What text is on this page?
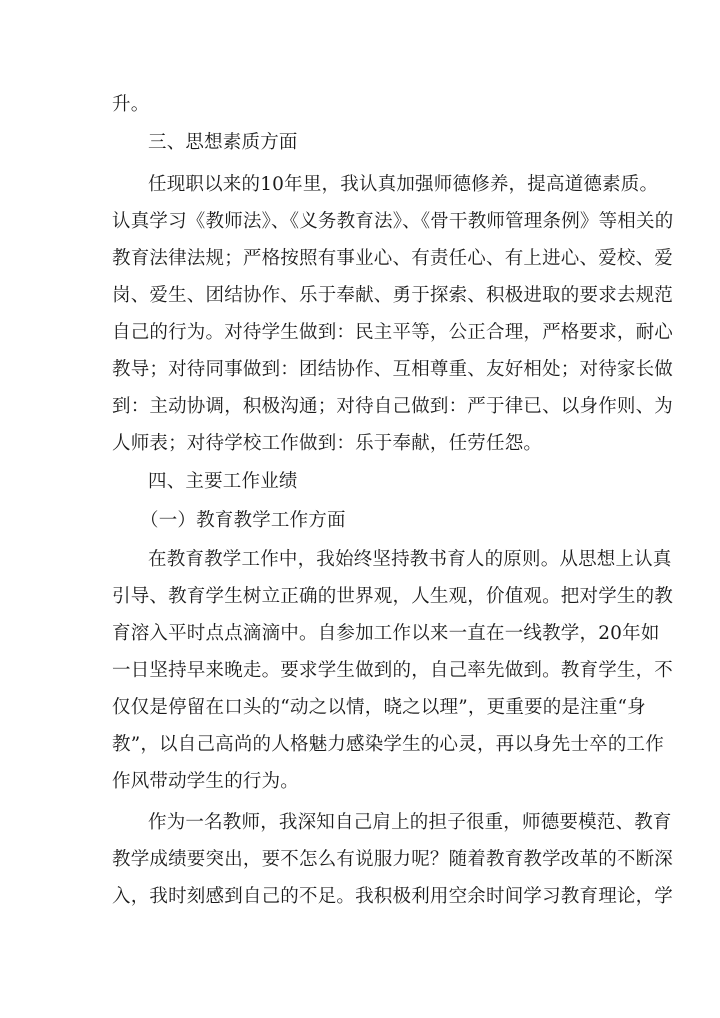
升。
三、思想素质方面
任现职以来的10年里，我认真加强师德修养，提高道德素质。
认真学习《教师法》、《义务教育法》、《骨干教师管理条例》等相关的
教育法律法规；严格按照有事业心、有责任心、有上进心、爱校、爱
岗、爱生、团结协作、乐于奉献、勇于探索、积极进取的要求去规范
自己的行为。对待学生做到：民主平等，公正合理，严格要求，耐心
教导；对待同事做到：团结协作、互相尊重、友好相处；对待家长做
到：主动协调，积极沟通；对待自己做到：严于律已、以身作则、为
人师表；对待学校工作做到：乐于奉献，任劳任怨。
四、主要工作业绩
（一）教育教学工作方面
在教育教学工作中，我始终坚持教书育人的原则。从思想上认真
引导、教育学生树立正确的世界观，人生观，价值观。把对学生的教
育溶入平时点点滴滴中。自参加工作以来一直在一线教学，20年如
一日坚持早来晚走。要求学生做到的，自己率先做到。教育学生，不
仅仅是停留在口头的“动之以情，晓之以理”，更重要的是注重“身
教”，以自己高尚的人格魅力感染学生的心灵，再以身先士卒的工作
作风带动学生的行为。
作为一名教师，我深知自己肩上的担子很重，师德要模范、教育
教学成绩要突出，要不怎么有说服力呢？随着教育教学改革的不断深
入，我时刻感到自己的不足。我积极利用空余时间学习教育理论，学
